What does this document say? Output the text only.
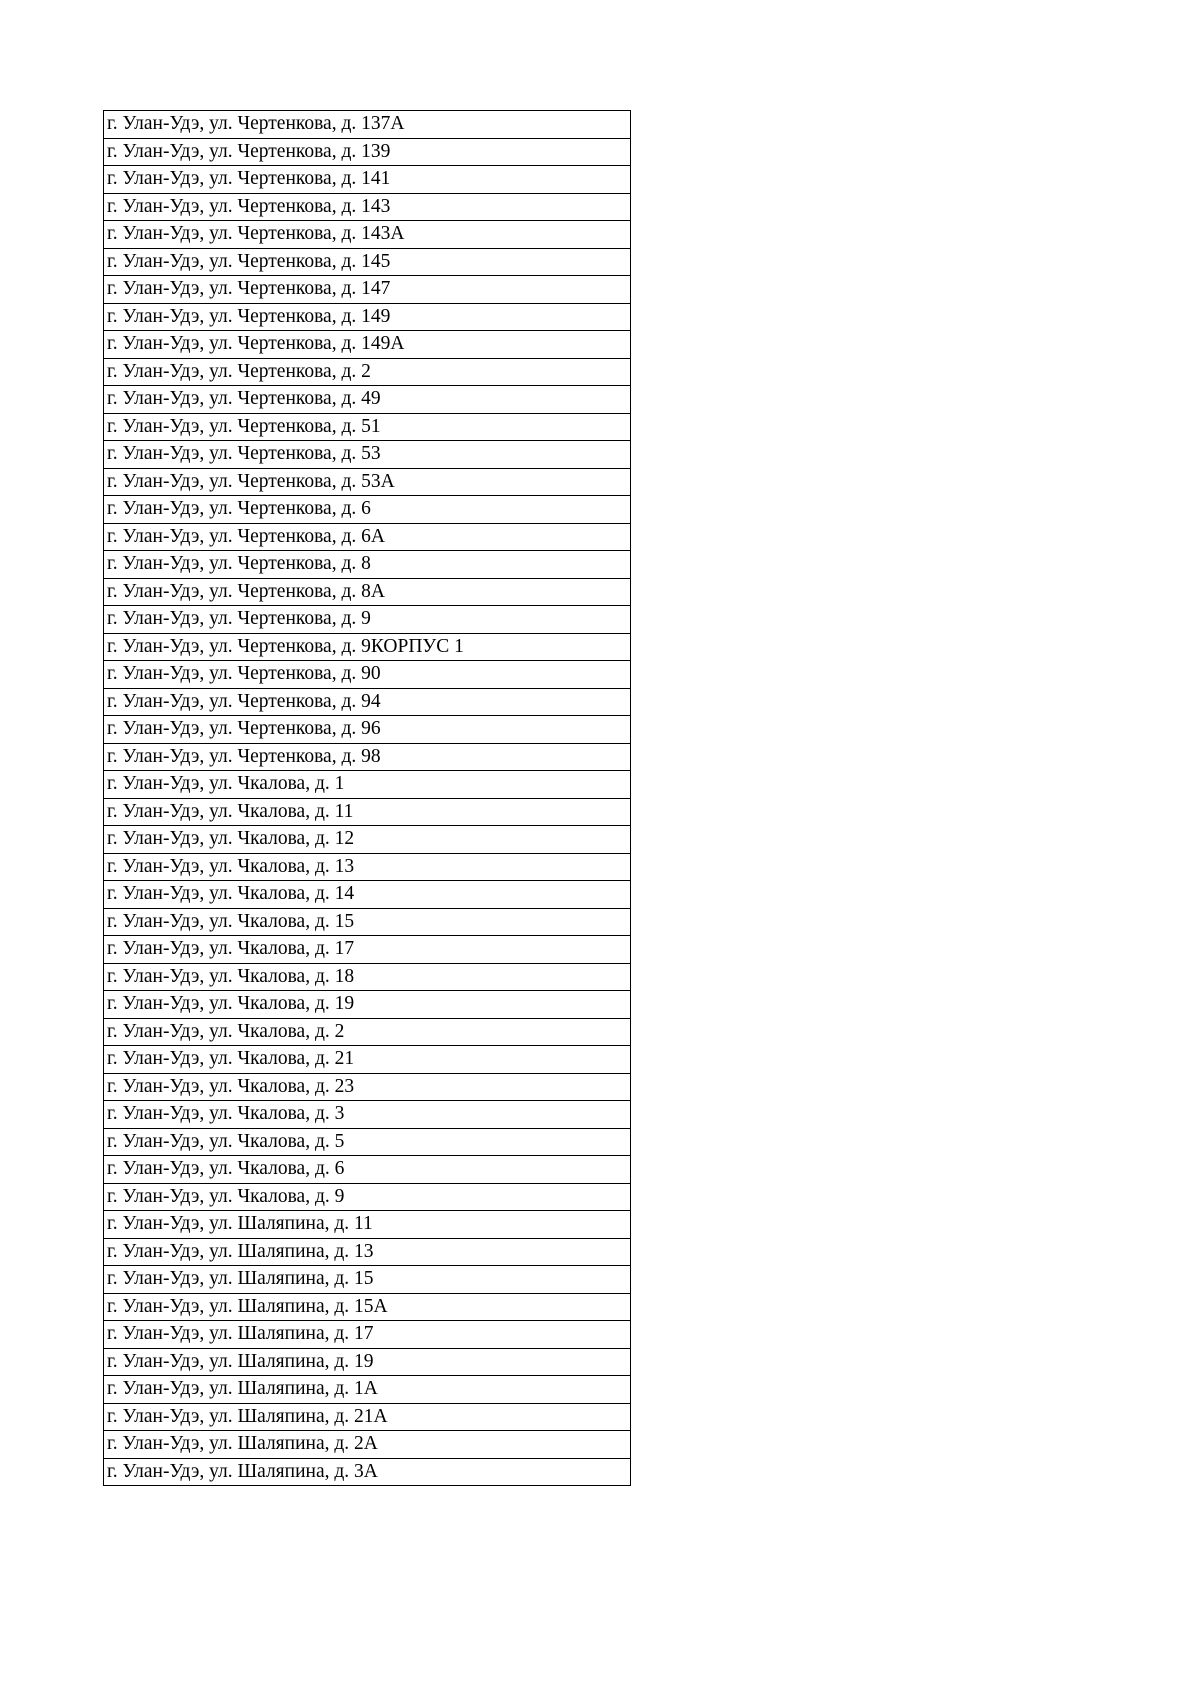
г. Улан-Удэ, ул. Чертенкова, д. 137А
г. Улан-Удэ, ул. Чертенкова, д. 139
г. Улан-Удэ, ул. Чертенкова, д. 141
г. Улан-Удэ, ул. Чертенкова, д. 143
г. Улан-Удэ, ул. Чертенкова, д. 143А
г. Улан-Удэ, ул. Чертенкова, д. 145
г. Улан-Удэ, ул. Чертенкова, д. 147
г. Улан-Удэ, ул. Чертенкова, д. 149
г. Улан-Удэ, ул. Чертенкова, д. 149А
г. Улан-Удэ, ул. Чертенкова, д. 2
г. Улан-Удэ, ул. Чертенкова, д. 49
г. Улан-Удэ, ул. Чертенкова, д. 51
г. Улан-Удэ, ул. Чертенкова, д. 53
г. Улан-Удэ, ул. Чертенкова, д. 53А
г. Улан-Удэ, ул. Чертенкова, д. 6
г. Улан-Удэ, ул. Чертенкова, д. 6А
г. Улан-Удэ, ул. Чертенкова, д. 8
г. Улан-Удэ, ул. Чертенкова, д. 8А
г. Улан-Удэ, ул. Чертенкова, д. 9
г. Улан-Удэ, ул. Чертенкова, д. 9КОРПУС 1
г. Улан-Удэ, ул. Чертенкова, д. 90
г. Улан-Удэ, ул. Чертенкова, д. 94
г. Улан-Удэ, ул. Чертенкова, д. 96
г. Улан-Удэ, ул. Чертенкова, д. 98
г. Улан-Удэ, ул. Чкалова, д. 1
г. Улан-Удэ, ул. Чкалова, д. 11
г. Улан-Удэ, ул. Чкалова, д. 12
г. Улан-Удэ, ул. Чкалова, д. 13
г. Улан-Удэ, ул. Чкалова, д. 14
г. Улан-Удэ, ул. Чкалова, д. 15
г. Улан-Удэ, ул. Чкалова, д. 17
г. Улан-Удэ, ул. Чкалова, д. 18
г. Улан-Удэ, ул. Чкалова, д. 19
г. Улан-Удэ, ул. Чкалова, д. 2
г. Улан-Удэ, ул. Чкалова, д. 21
г. Улан-Удэ, ул. Чкалова, д. 23
г. Улан-Удэ, ул. Чкалова, д. 3
г. Улан-Удэ, ул. Чкалова, д. 5
г. Улан-Удэ, ул. Чкалова, д. 6
г. Улан-Удэ, ул. Чкалова, д. 9
г. Улан-Удэ, ул. Шаляпина, д. 11
г. Улан-Удэ, ул. Шаляпина, д. 13
г. Улан-Удэ, ул. Шаляпина, д. 15
г. Улан-Удэ, ул. Шаляпина, д. 15А
г. Улан-Удэ, ул. Шаляпина, д. 17
г. Улан-Удэ, ул. Шаляпина, д. 19
г. Улан-Удэ, ул. Шаляпина, д. 1А
г. Улан-Удэ, ул. Шаляпина, д. 21А
г. Улан-Удэ, ул. Шаляпина, д. 2А
г. Улан-Удэ, ул. Шаляпина, д. 3А
